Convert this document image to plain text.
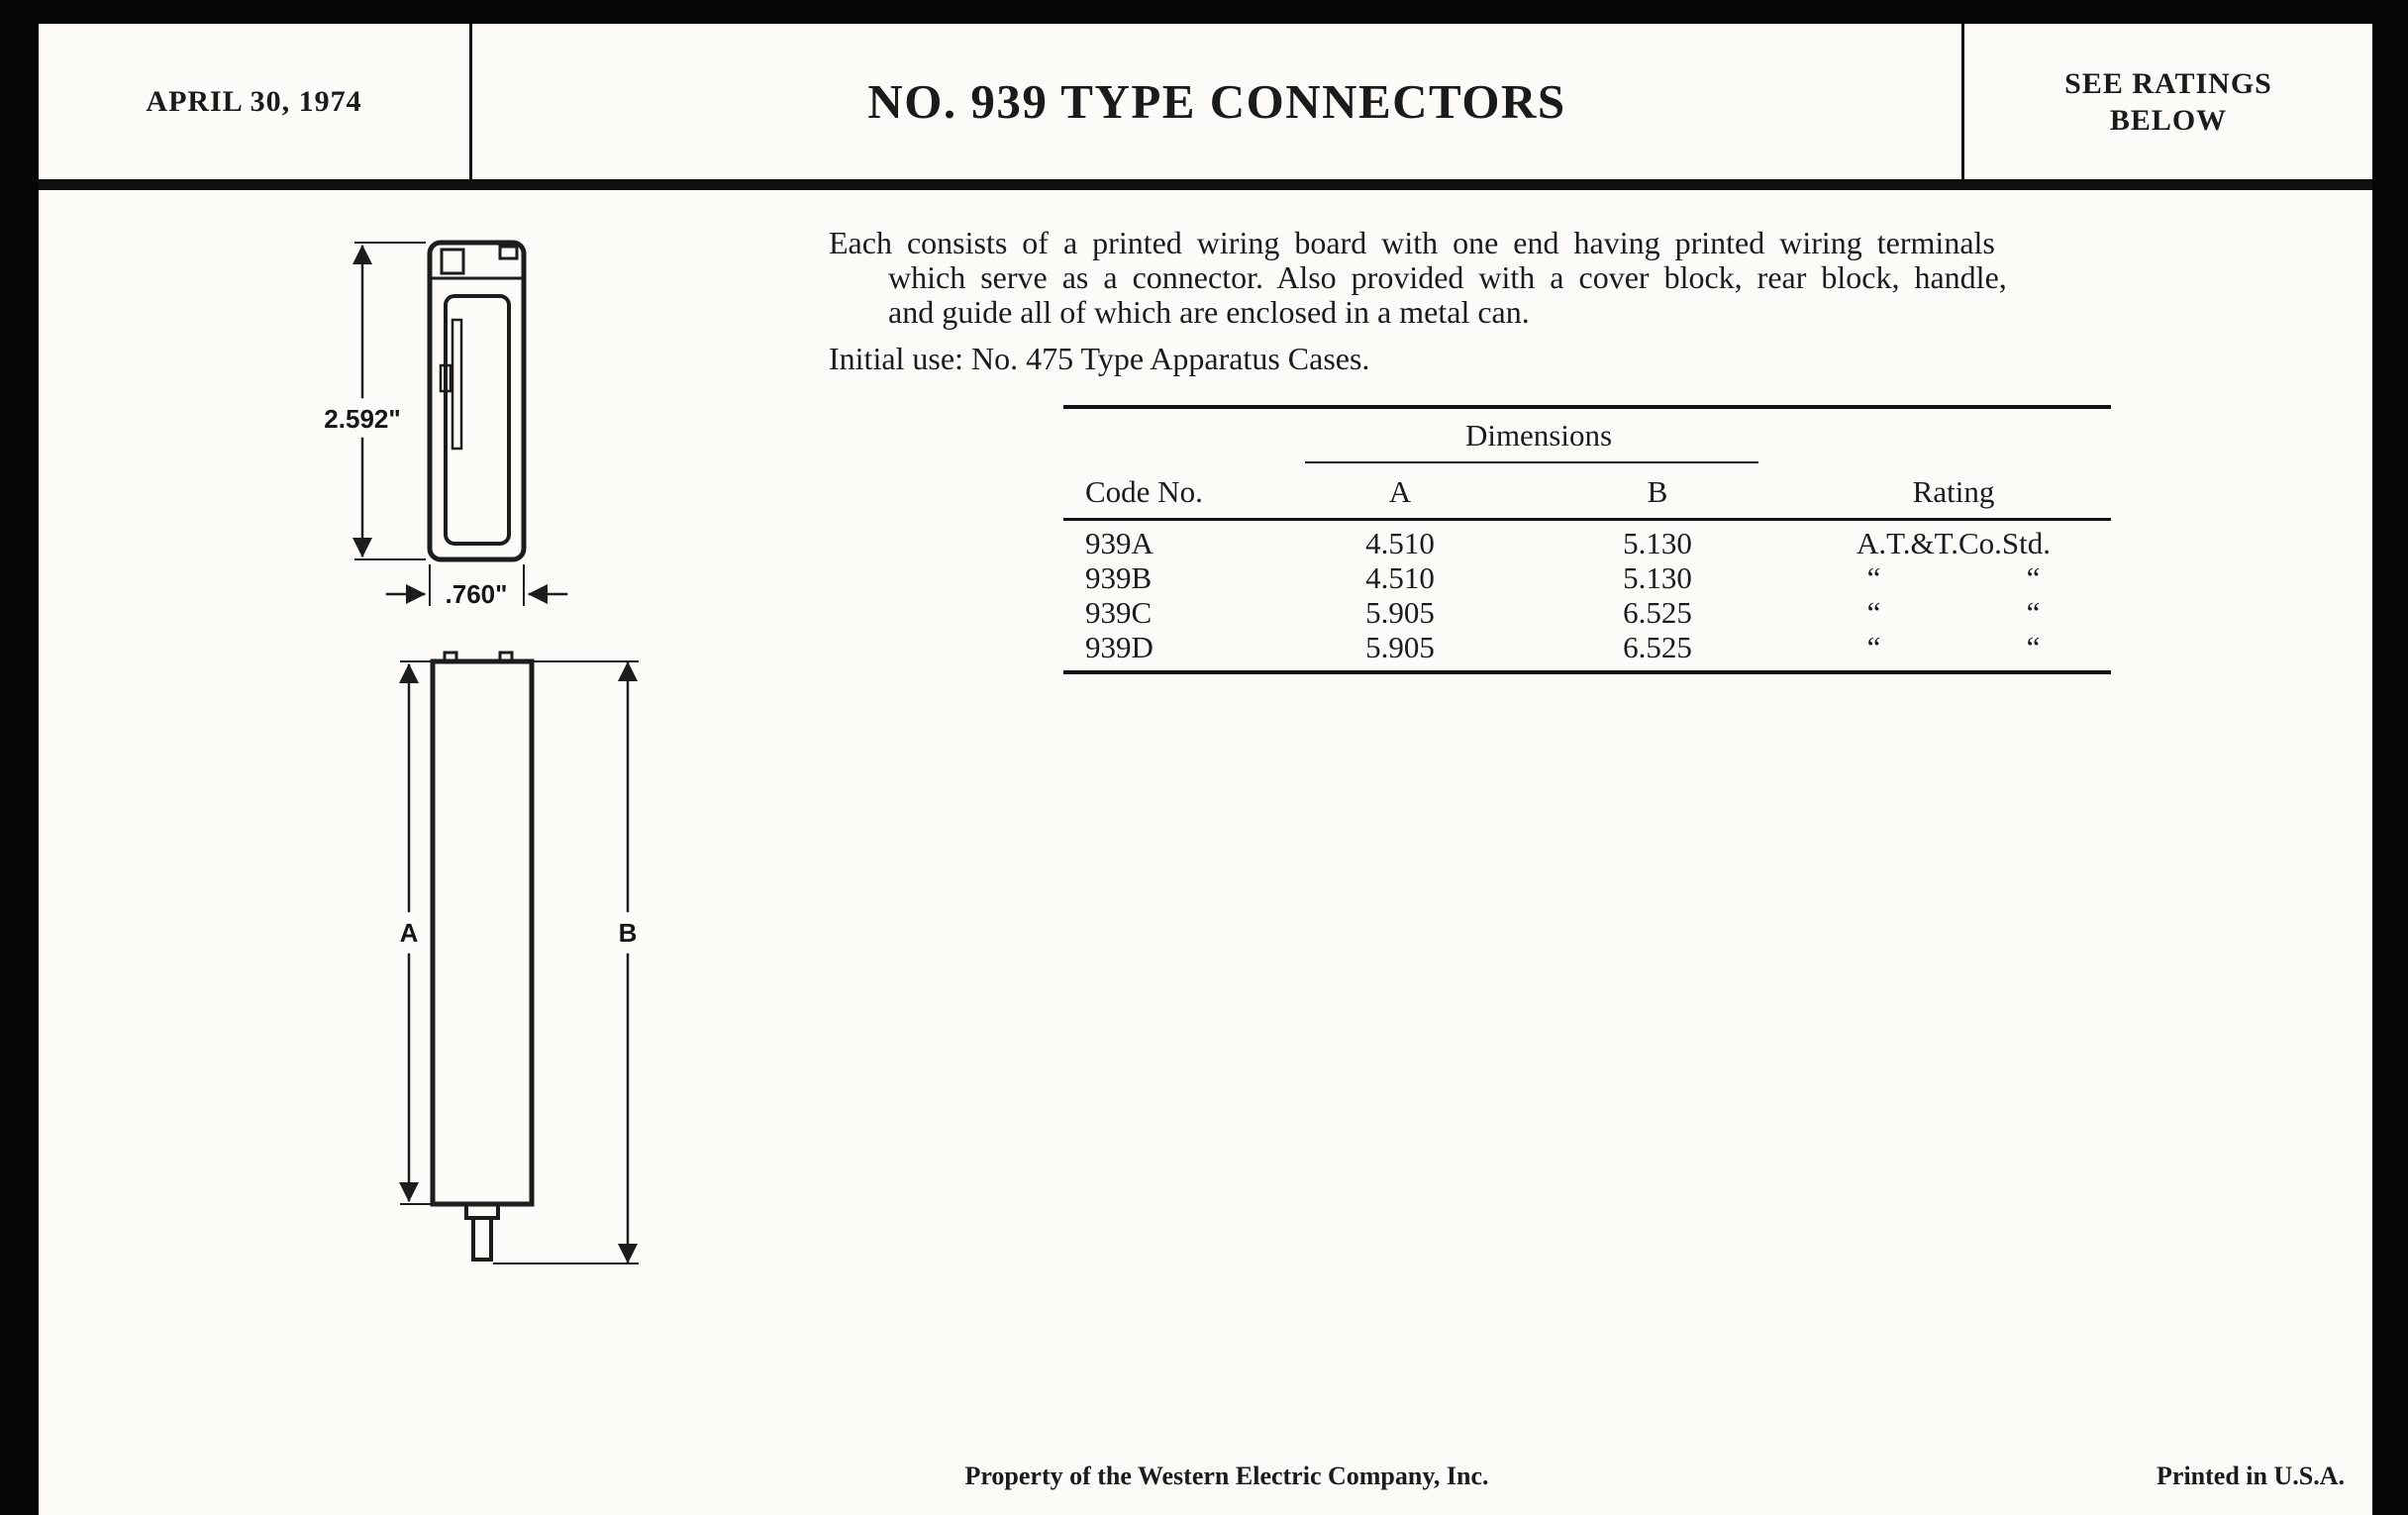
APRIL 30, 1974	NO. 939 TYPE CONNECTORS	SEE RATINGS
BELOW
Each consists of a printed wiring board with one end having printed wiring terminals
which serve as a connector. Also provided with a cover block, rear block, handle,
and guide all of which are enclosed in a metal can.
Initial use: No. 475 Type Apparatus Cases.
Dimensions
Code No.	A	B	Rating
939A	4.510	5.130	A.T.&T.Co.Std.
939B	4.510	5.130	“                   “
939C	5.905	6.525	“                   “
939D	5.905	6.525	“                   “
2.592"
.760"
A	B
Property of the Western Electric Company, Inc.	Printed in U.S.A.
